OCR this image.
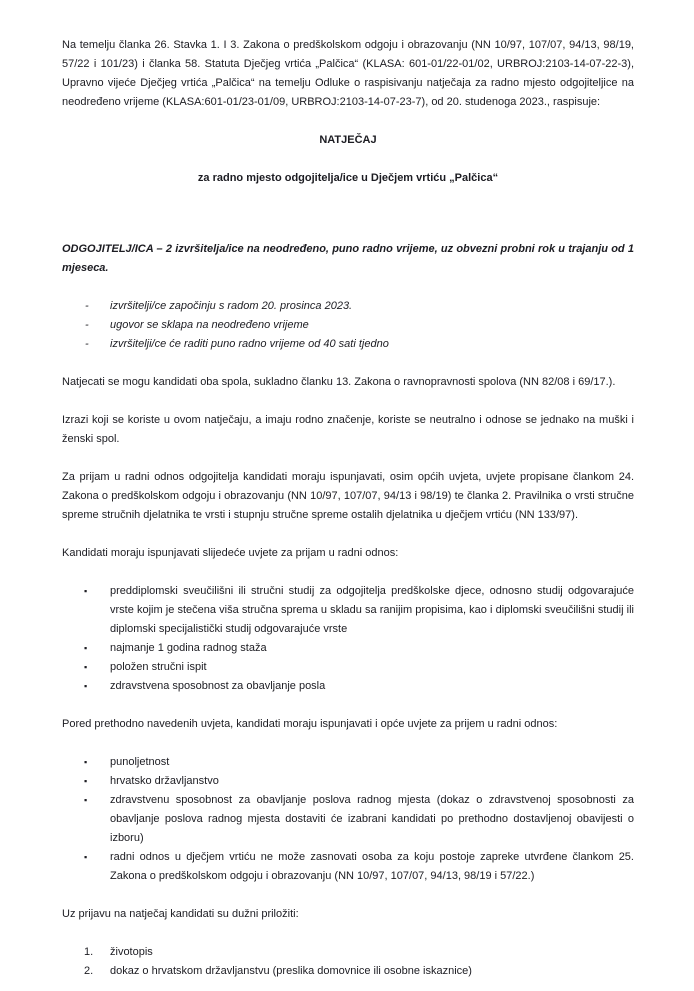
Na temelju članka 26. Stavka 1. I 3. Zakona o predškolskom odgoju i obrazovanju (NN 10/97, 107/07, 94/13, 98/19, 57/22 i 101/23) i članka 58. Statuta Dječjeg vrtića „Palčica“ (KLASA: 601-01/22-01/02, URBROJ:2103-14-07-22-3), Upravno vijeće Dječjeg vrtića „Palčica“ na temelju Odluke o raspisivanju natječaja za radno mjesto odgojiteljice na neodređeno vrijeme (KLASA:601-01/23-01/09, URBROJ:2103-14-07-23-7), od 20. studenoga 2023., raspisuje:

NATJEČAJ
za radno mjesto odgojitelja/ice u Dječjem vrtiću „Palčica“

ODGOJITELJ/ICA – 2 izvršitelja/ice na neodređeno, puno radno vrijeme, uz obvezni probni rok u trajanju od 1 mjeseca.

- izvršitelji/ce započinju s radom 20. prosinca 2023.
- ugovor se sklapa na neodređeno vrijeme
- izvršitelji/ce će raditi puno radno vrijeme od 40 sati tjedno

Natjecati se mogu kandidati oba spola, sukladno članku 13. Zakona o ravnopravnosti spolova (NN 82/08 i 69/17.).

Izrazi koji se koriste u ovom natječaju, a imaju rodno značenje, koriste se neutralno i odnose se jednako na muški i ženski spol.

Za prijam u radni odnos odgojitelja kandidati moraju ispunjavati, osim općih uvjeta, uvjete propisane člankom 24. Zakona o predškolskom odgoju i obrazovanju (NN 10/97, 107/07, 94/13 i 98/19) te članka 2. Pravilnika o vrsti stručne spreme stručnih djelatnika te vrsti i stupnju stručne spreme ostalih djelatnika u dječjem vrtiću (NN 133/97).

Kandidati moraju ispunjavati slijedeće uvjete za prijam u radni odnos:

▪ preddiplomski sveučilišni ili stručni studij za odgojitelja predškolske djece, odnosno studij odgovarajuće vrste kojim je stečena viša stručna sprema u skladu sa ranijim propisima, kao i diplomski sveučilišni studij ili diplomski specijalistički studij odgovarajuće vrste
▪ najmanje 1 godina radnog staža
▪ položen stručni ispit
▪ zdravstvena sposobnost za obavljanje posla

Pored prethodno navedenih uvjeta, kandidati moraju ispunjavati i opće uvjete za prijem u radni odnos:

▪ punoljetnost
▪ hrvatsko državljanstvo
▪ zdravstvenu sposobnost za obavljanje poslova radnog mjesta (dokaz o zdravstvenoj sposobnosti za obavljanje poslova radnog mjesta dostaviti će izabrani kandidati po prethodno dostavljenoj obavijesti o izboru)
▪ radni odnos u dječjem vrtiću ne može zasnovati osoba za koju postoje zapreke utvrđene člankom 25. Zakona o predškolskom odgoju i obrazovanju (NN 10/97, 107/07, 94/13, 98/19 i 57/22.)

Uz prijavu na natječaj kandidati su dužni priložiti:

životopis
dokaz o hrvatskom državljanstvu (preslika domovnice ili osobne iskaznice)
